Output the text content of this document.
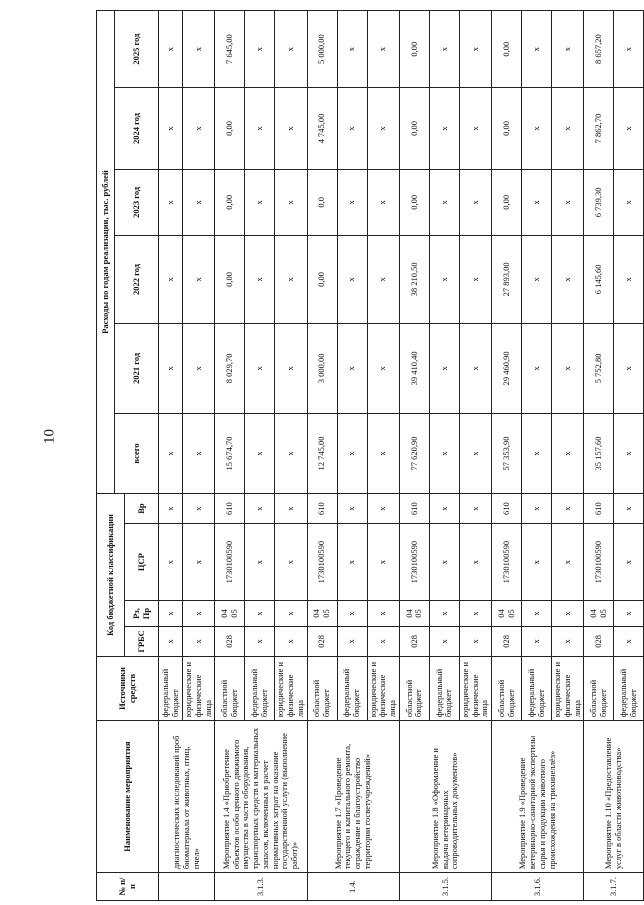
10
№ п/п	Наименование мероприятия	Источники средств	Код бюджетной классификации				Расходы по годам реализации, тыс. рублей					
							всего	2021 год	2022 год	2023 год	2024 год	2025 год
			ГРБС	Рз, Пр	ЦСР	Вр						
	диагностических исследований проб биоматериала от животных, птиц, пчел»	федеральный бюджет	x	x	x	x	x	x	x	x	x	x
		юридические и физические лица	x	x	x	x	x	x	x	x	x	x
3.1.3.	Мероприятие 1.4 «Приобретение объектов особо ценного движимого имущества в части оборудования, транспортных средств и материальных запасов, включенных в расчет нормативных затрат на оказание государственной услуги (выполнение работ)»	областной бюджет	028	04 05	1730100590	610	15 674,70	8 029,70	0,00	0,00	0,00	7 645,00
		федеральный бюджет	x	x	x	x	x	x	x	x	x	x
		юридические и физические лица	x	x	x	x	x	x	x	x	x	x
1.4.	Мероприятие 1.7 «Проведение текущего и капитального ремонта, ограждение и благоустройство территории госветучреждений»	областной бюджет	028	04 05	1730100590	610	12 745,00	3 000,00	0,00	0,0	4 745,00	5 000,00
		федеральный бюджет	x	x	x	x	x	x	x	x	x	x
		юридические и физические лица	x	x	x	x	x	x	x	x	x	x
3.1.5.	Мероприятие 1.8 «Оформление и выдача ветеринарных сопроводительных документов»	областной бюджет	028	04 05	1730100590	610	77 620,90	39 410,40	38 210,50	0,00	0,00	0,00
		федеральный бюджет	x	x	x	x	x	x	x	x	x	x
		юридические и физические лица	x	x	x	x	x	x	x	x	x	x
3.1.6.	Мероприятие 1.9 «Проведение ветеринарно-санитарной экспертизы сырья и продукции животного происхождения на трихинеллёз»	областной бюджет	028	04 05	1730100590	610	57 353,90	29 460,90	27 893,00	0,00	0,00	0,00
		федеральный бюджет	x	x	x	x	x	x	x	x	x	x
		юридические и физические лица	x	x	x	x	x	x	x	x	x	x
3.1.7.	Мероприятие 1.10 «Предоставление услуг в области животноводства»	областной бюджет	028	04 05	1730100590	610	35 157,60	5 752,80	6 145,60	6 739,30	7 862,70	8 657,20
		федеральный бюджет	x	x	x	x	x	x	x	x	x	x
